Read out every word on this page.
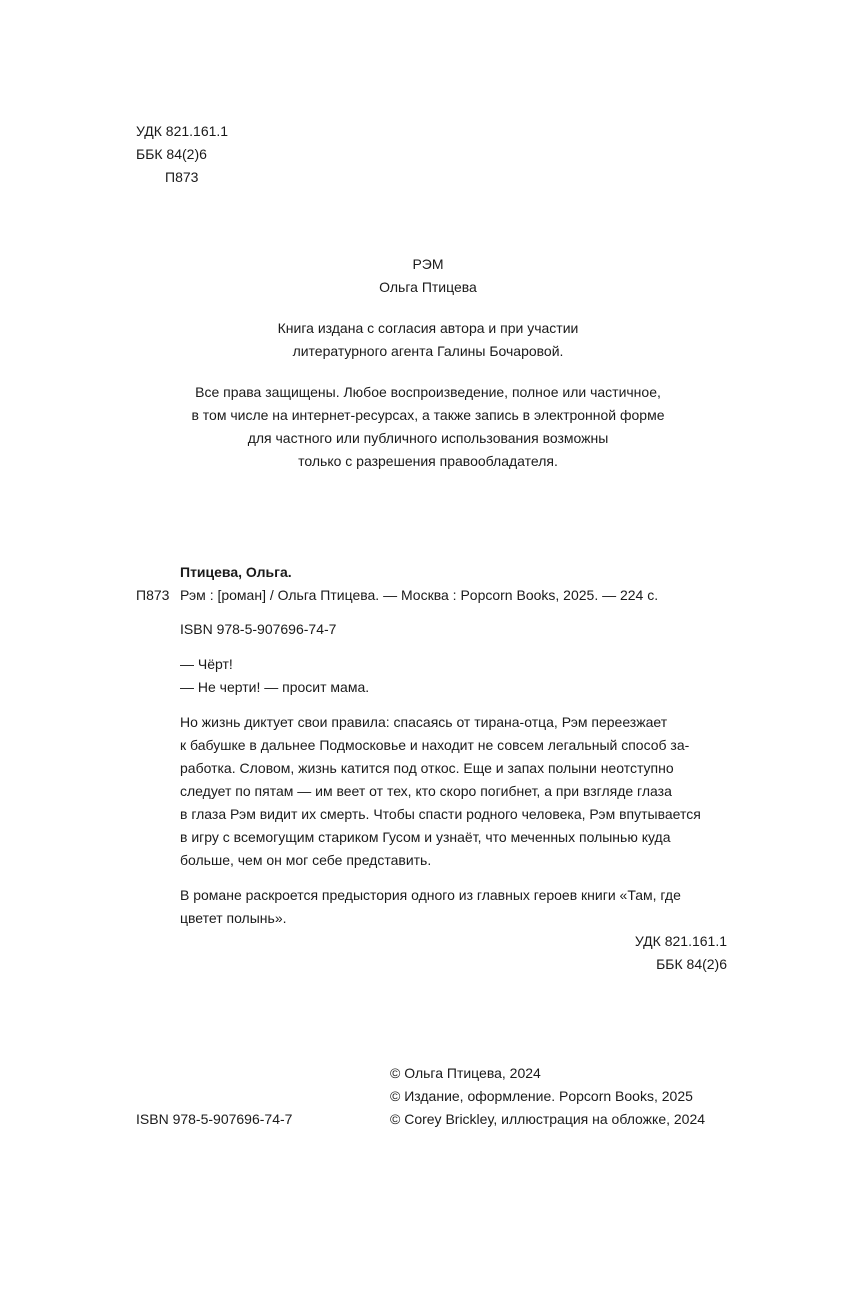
УДК 821.161.1
ББК 84(2)6
П873
РЭМ
Ольга Птицева
Книга издана с согласия автора и при участии
литературного агента Галины Бочаровой.
Все права защищены. Любое воспроизведение, полное или частичное,
в том числе на интернет-ресурсах, а также запись в электронной форме
для частного или публичного использования возможны
только с разрешения правообладателя.
Птицева, Ольга.
П873 Рэм : [роман] / Ольга Птицева. — Москва : Popcorn Books, 2025. — 224 с.
ISBN 978-5-907696-74-7
— Чёрт!
— Не черти! — просит мама.

Но жизнь диктует свои правила: спасаясь от тирана-отца, Рэм переезжает
к бабушке в дальнее Подмосковье и находит не совсем легальный способ за-
работка. Словом, жизнь катится под откос. Еще и запах полыни неотступно
следует по пятам — им веет от тех, кто скоро погибнет, а при взгляде глаза
в глаза Рэм видит их смерть. Чтобы спасти родного человека, Рэм впутывается
в игру с всемогущим стариком Гусом и узнаёт, что меченных полынью куда
больше, чем он мог себе представить.

В романе раскроется предыстория одного из главных героев книги «Там, где
цветет полынь».

УДК 821.161.1
ББК 84(2)6
ISBN 978-5-907696-74-7
© Ольга Птицева, 2024
© Издание, оформление. Popcorn Books, 2025
© Corey Brickley, иллюстрация на обложке, 2024
